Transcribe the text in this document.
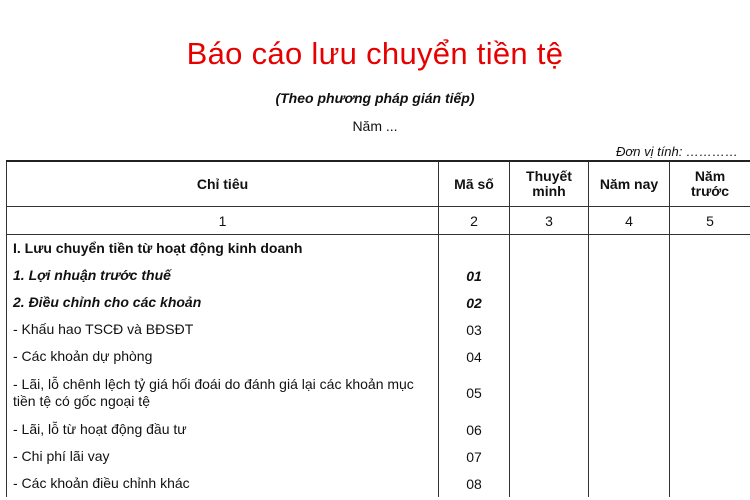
Báo cáo lưu chuyển tiền tệ
(Theo phương pháp gián tiếp)
Năm ...
Đơn vị tính: …………
Chỉ tiêu	Mã số	Thuyết minh	Năm nay	Năm trước
1	2	3	4	5
I. Lưu chuyển tiền từ hoạt động kinh doanh				
1. Lợi nhuận trước thuế	01			
2. Điều chỉnh cho các khoản	02			
- Khấu hao TSCĐ và BĐSĐT	03			
- Các khoản dự phòng	04			
- Lãi, lỗ chênh lệch tỷ giá hối đoái do đánh giá lại các khoản mục tiền tệ có gốc ngoại tệ	05			
- Lãi, lỗ từ hoạt động đầu tư	06			
- Chi phí lãi vay	07			
- Các khoản điều chỉnh khác	08			
